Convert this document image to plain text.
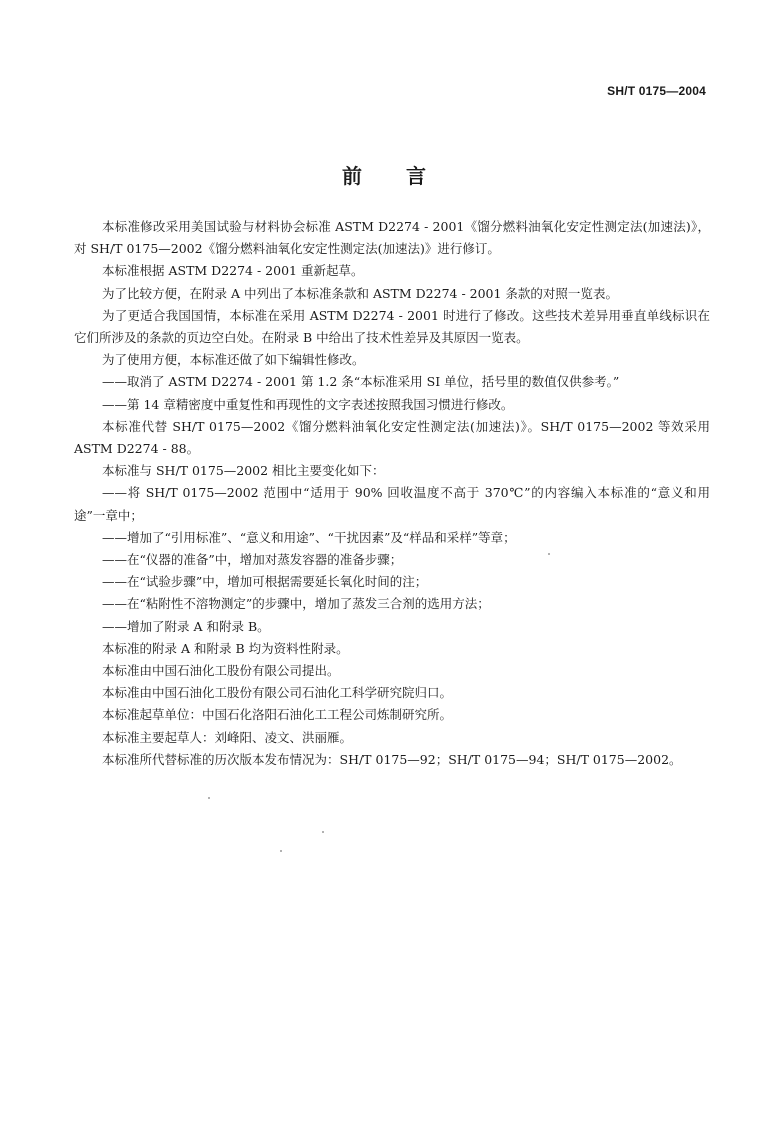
SH/T 0175—2004
前言

本标准修改采用美国试验与材料协会标准 ASTM D2274 - 2001《馏分燃料油氧化安定性测定法(加速法)》，对 SH/T 0175—2002《馏分燃料油氧化安定性测定法(加速法)》进行修订。

本标准根据 ASTM D2274 - 2001 重新起草。

为了比较方便，在附录 A 中列出了本标准条款和 ASTM D2274 - 2001 条款的对照一览表。

为了更适合我国国情，本标准在采用 ASTM D2274 - 2001 时进行了修改。这些技术差异用垂直单线标识在它们所涉及的条款的页边空白处。在附录 B 中给出了技术性差异及其原因一览表。

为了使用方便，本标准还做了如下编辑性修改。

——取消了 ASTM D2274 - 2001 第 1.2 条“本标准采用 SI 单位，括号里的数值仅供参考。”

——第 14 章精密度中重复性和再现性的文字表述按照我国习惯进行修改。

本标准代替 SH/T 0175—2002《馏分燃料油氧化安定性测定法(加速法)》。SH/T 0175—2002 等效采用 ASTM D2274 - 88。

本标准与 SH/T 0175—2002 相比主要变化如下：

——将 SH/T 0175—2002 范围中“适用于 90% 回收温度不高于 370℃”的内容编入本标准的“意义和用途”一章中；

——增加了“引用标准”、“意义和用途”、“干扰因素”及“样品和采样”等章；

——在“仪器的准备”中，增加对蒸发容器的准备步骤；

——在“试验步骤”中，增加可根据需要延长氧化时间的注；

——在“粘附性不溶物测定”的步骤中，增加了蒸发三合剂的选用方法；

——增加了附录 A 和附录 B。

本标准的附录 A 和附录 B 均为资料性附录。

本标准由中国石油化工股份有限公司提出。

本标准由中国石油化工股份有限公司石油化工科学研究院归口。

本标准起草单位：中国石化洛阳石油化工工程公司炼制研究所。

本标准主要起草人：刘峰阳、凌文、洪丽雁。

本标准所代替标准的历次版本发布情况为：SH/T 0175—92；SH/T 0175—94；SH/T 0175—2002。
